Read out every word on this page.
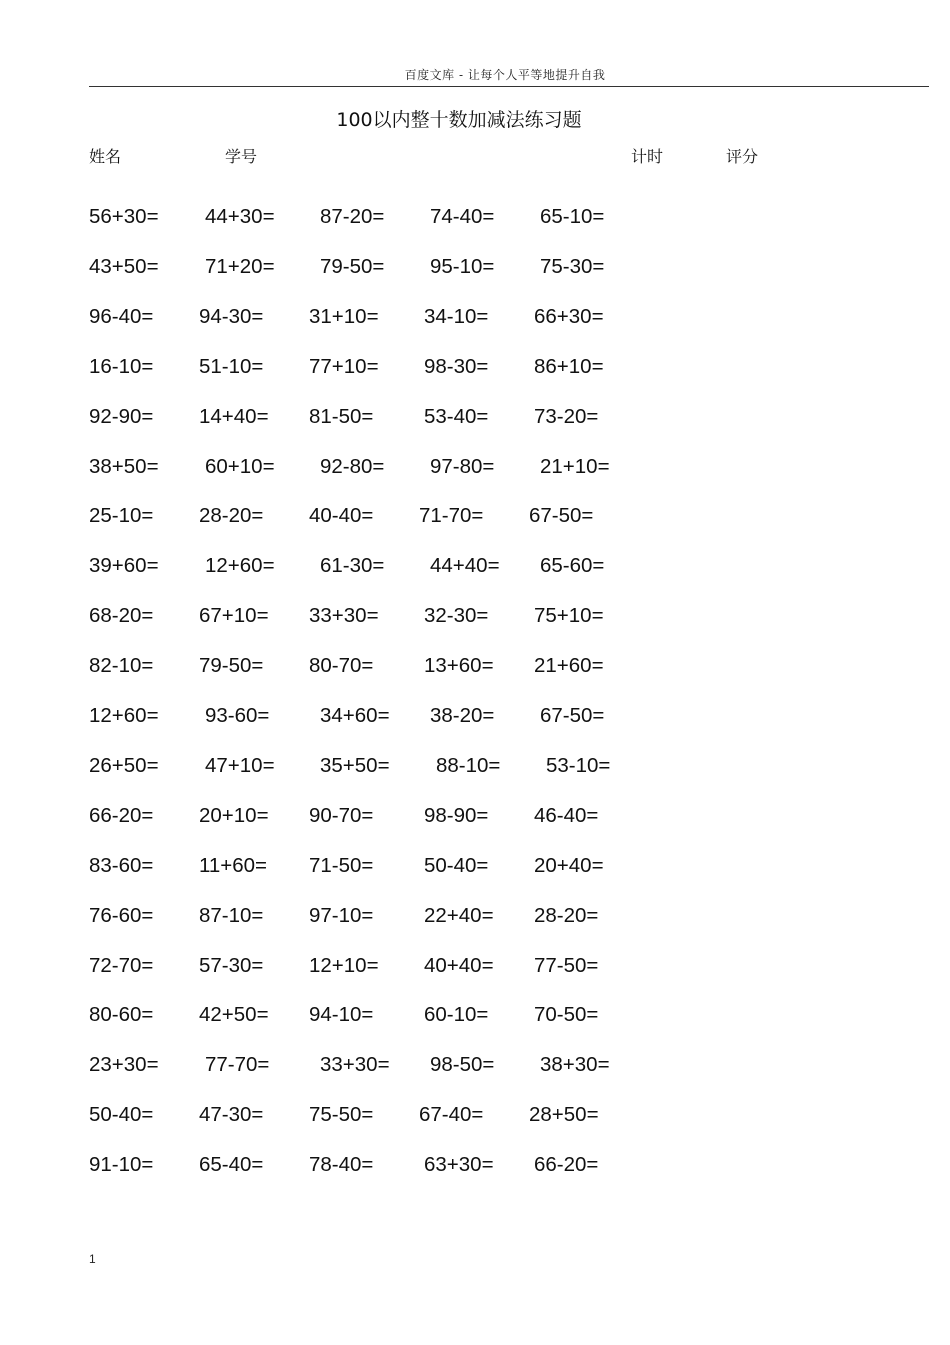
百度文库 - 让每个人平等地提升自我
100以内整十数加减法练习题
姓名	学号	计时	评分
56+30= 44+30= 87-20= 74-40= 65-10=
43+50= 71+20= 79-50= 95-10= 75-30=
96-40= 94-30= 31+10= 34-10= 66+30=
16-10= 51-10= 77+10= 98-30= 86+10=
92-90= 14+40= 81-50= 53-40= 73-20=
38+50= 60+10= 92-80= 97-80= 21+10=
25-10= 28-20= 40-40= 71-70= 67-50=
39+60= 12+60= 61-30= 44+40= 65-60=
68-20= 67+10= 33+30= 32-30= 75+10=
82-10= 79-50= 80-70= 13+60= 21+60=
12+60= 93-60= 34+60= 38-20= 67-50=
26+50= 47+10= 35+50= 88-10= 53-10=
66-20= 20+10= 90-70= 98-90= 46-40=
83-60= 11+60= 71-50= 50-40= 20+40=
76-60= 87-10= 97-10= 22+40= 28-20=
72-70= 57-30= 12+10= 40+40= 77-50=
80-60= 42+50= 94-10= 60-10= 70-50=
23+30= 77-70= 33+30= 98-50= 38+30=
50-40= 47-30= 75-50= 67-40= 28+50=
91-10= 65-40= 78-40= 63+30= 66-20=
1
